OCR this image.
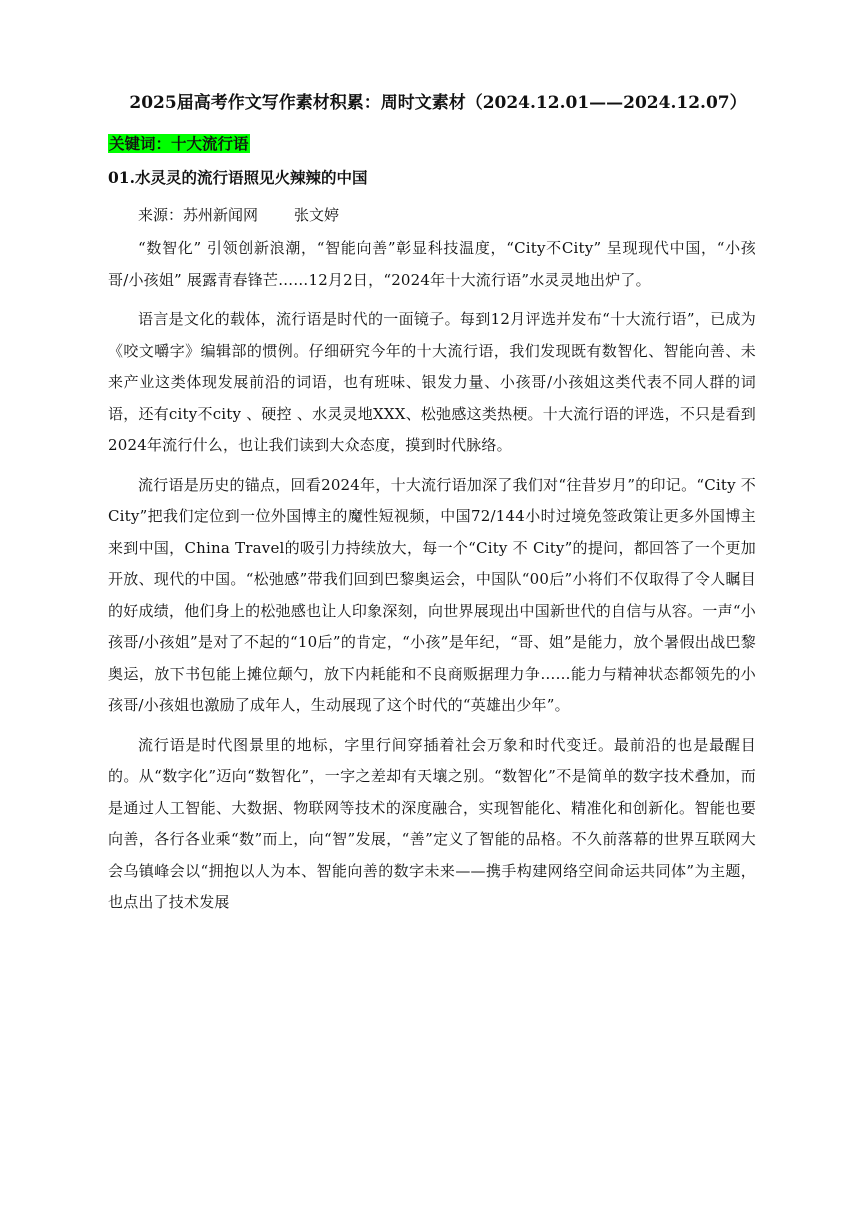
2025届高考作文写作素材积累：周时文素材（2024.12.01——2024.12.07）

关键词：十大流行语

01.水灵灵的流行语照见火辣辣的中国

来源：苏州新闻网 张文婷

“数智化” 引领创新浪潮，“智能向善”彰显科技温度，“City不City” 呈现现代中国，“小孩哥/小孩姐” 展露青春锋芒……12月2日，“2024年十大流行语”水灵灵地出炉了。

语言是文化的载体，流行语是时代的一面镜子。每到12月评选并发布“十大流行语”，已成为《咬文嚼字》编辑部的惯例。仔细研究今年的十大流行语，我们发现既有数智化、智能向善、未来产业这类体现发展前沿的词语，也有班味、银发力量、小孩哥/小孩姐这类代表不同人群的词语，还有city不city 、硬控 、水灵灵地XXX、松弛感这类热梗。十大流行语的评选，不只是看到2024年流行什么，也让我们读到大众态度，摸到时代脉络。

流行语是历史的锚点，回看2024年，十大流行语加深了我们对“往昔岁月”的印记。“City 不 City”把我们定位到一位外国博主的魔性短视频，中国72/144小时过境免签政策让更多外国博主来到中国，China Travel的吸引力持续放大，每一个“City 不 City”的提问，都回答了一个更加开放、现代的中国。“松弛感”带我们回到巴黎奥运会，中国队“00后”小将们不仅取得了令人瞩目的好成绩，他们身上的松弛感也让人印象深刻，向世界展现出中国新世代的自信与从容。一声“小孩哥/小孩姐”是对了不起的“10后”的肯定，“小孩”是年纪，“哥、姐”是能力，放个暑假出战巴黎奥运，放下书包能上摊位颠勺，放下内耗能和不良商贩据理力争……能力与精神状态都领先的小孩哥/小孩姐也激励了成年人，生动展现了这个时代的“英雄出少年”。

流行语是时代图景里的地标，字里行间穿插着社会万象和时代变迁。最前沿的也是最醒目的。从“数字化”迈向“数智化”，一字之差却有天壤之别。“数智化”不是简单的数字技术叠加，而是通过人工智能、大数据、物联网等技术的深度融合，实现智能化、精准化和创新化。智能也要向善，各行各业乘“数”而上，向“智”发展，“善”定义了智能的品格。不久前落幕的世界互联网大会乌镇峰会以“拥抱以人为本、智能向善的数字未来——携手构建网络空间命运共同体”为主题，也点出了技术发展
